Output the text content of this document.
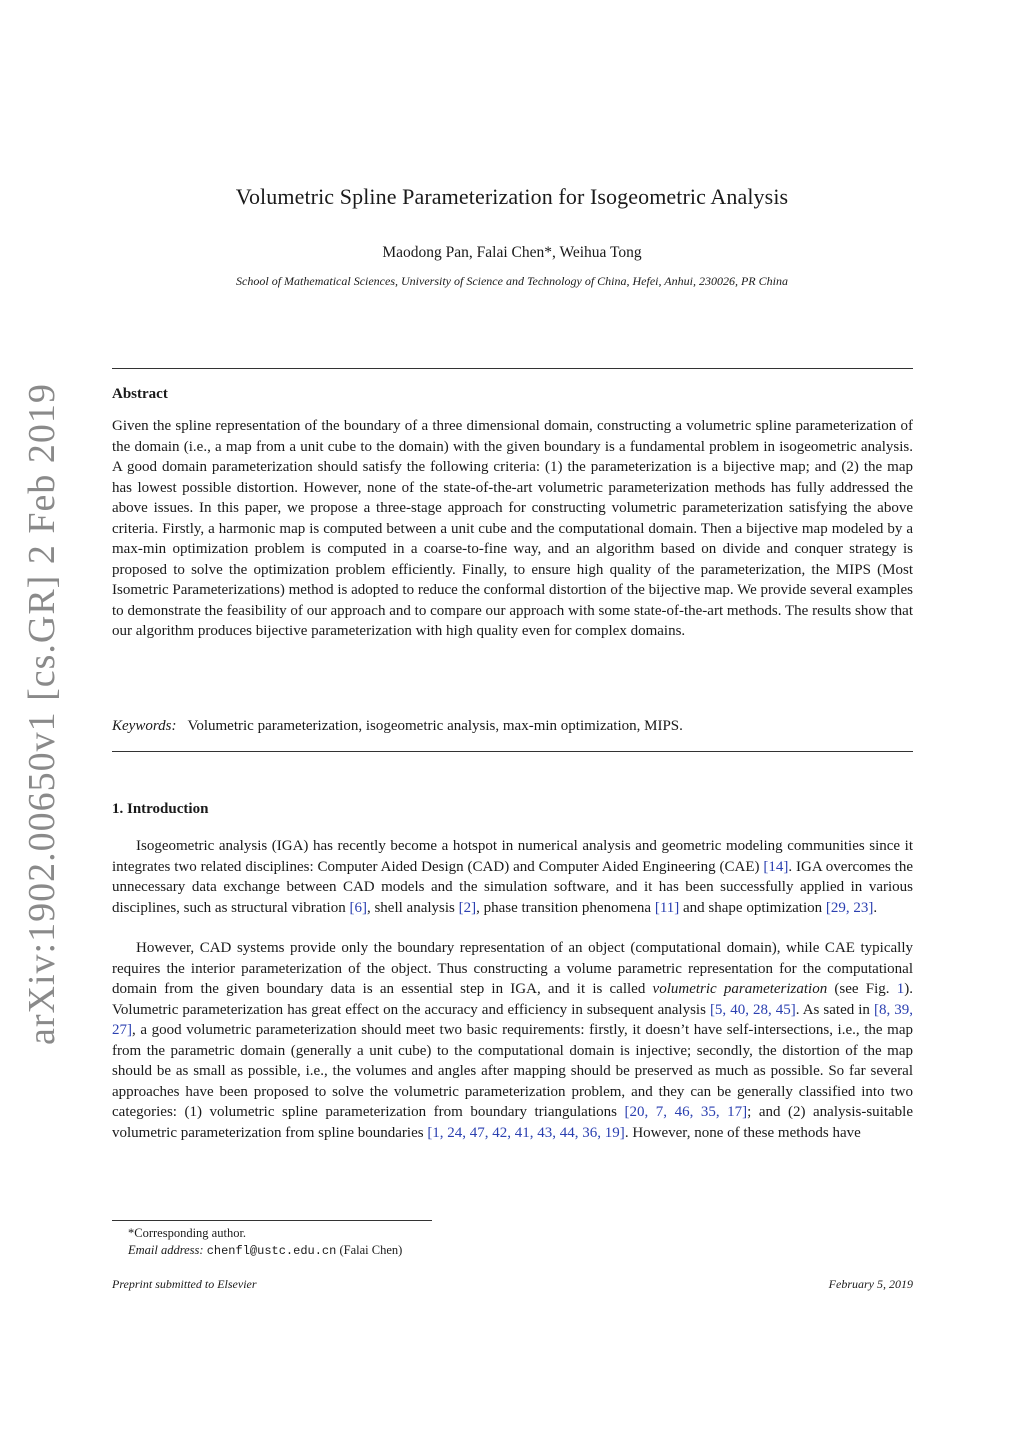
arXiv:1902.00650v1 [cs.GR] 2 Feb 2019
Volumetric Spline Parameterization for Isogeometric Analysis
Maodong Pan, Falai Chen*, Weihua Tong
School of Mathematical Sciences, University of Science and Technology of China, Hefei, Anhui, 230026, PR China
Abstract

Given the spline representation of the boundary of a three dimensional domain, constructing a volumetric spline parameterization of the domain (i.e., a map from a unit cube to the domain) with the given boundary is a fundamental problem in isogeometric analysis. A good domain parameterization should satisfy the following criteria: (1) the parameterization is a bijective map; and (2) the map has lowest possible distortion. However, none of the state-of-the-art volumetric parameterization methods has fully addressed the above issues. In this paper, we propose a three-stage approach for constructing volumetric parameterization satisfying the above criteria. Firstly, a harmonic map is computed between a unit cube and the computational domain. Then a bijective map modeled by a max-min optimization problem is computed in a coarse-to-fine way, and an algorithm based on divide and conquer strategy is proposed to solve the optimization problem efficiently. Finally, to ensure high quality of the parameterization, the MIPS (Most Isometric Parameterizations) method is adopted to reduce the conformal distortion of the bijective map. We provide several examples to demonstrate the feasibility of our approach and to compare our approach with some state-of-the-art methods. The results show that our algorithm produces bijective parameterization with high quality even for complex domains.

Keywords: Volumetric parameterization, isogeometric analysis, max-min optimization, MIPS.

1. Introduction

Isogeometric analysis (IGA) has recently become a hotspot in numerical analysis and geometric modeling communities since it integrates two related disciplines: Computer Aided Design (CAD) and Computer Aided Engineering (CAE) [14]. IGA overcomes the unnecessary data exchange between CAD models and the simulation software, and it has been successfully applied in various disciplines, such as structural vibration [6], shell analysis [2], phase transition phenomena [11] and shape optimization [29, 23].

However, CAD systems provide only the boundary representation of an object (computational domain), while CAE typically requires the interior parameterization of the object. Thus constructing a volume parametric representation for the computational domain from the given boundary data is an essential step in IGA, and it is called volumetric parameterization (see Fig. 1). Volumetric parameterization has great effect on the accuracy and efficiency in subsequent analysis [5, 40, 28, 45]. As sated in [8, 39, 27], a good volumetric parameterization should meet two basic requirements: firstly, it doesn’t have self-intersections, i.e., the map from the parametric domain (generally a unit cube) to the computational domain is injective; secondly, the distortion of the map should be as small as possible, i.e., the volumes and angles after mapping should be preserved as much as possible. So far several approaches have been proposed to solve the volumetric parameterization problem, and they can be generally classified into two categories: (1) volumetric spline parameterization from boundary triangulations [20, 7, 46, 35, 17]; and (2) analysis-suitable volumetric parameterization from spline boundaries [1, 24, 47, 42, 41, 43, 44, 36, 19]. However, none of these methods have

*Corresponding author.
Email address: chenfl@ustc.edu.cn (Falai Chen)
Preprint submitted to Elsevier	February 5, 2019
